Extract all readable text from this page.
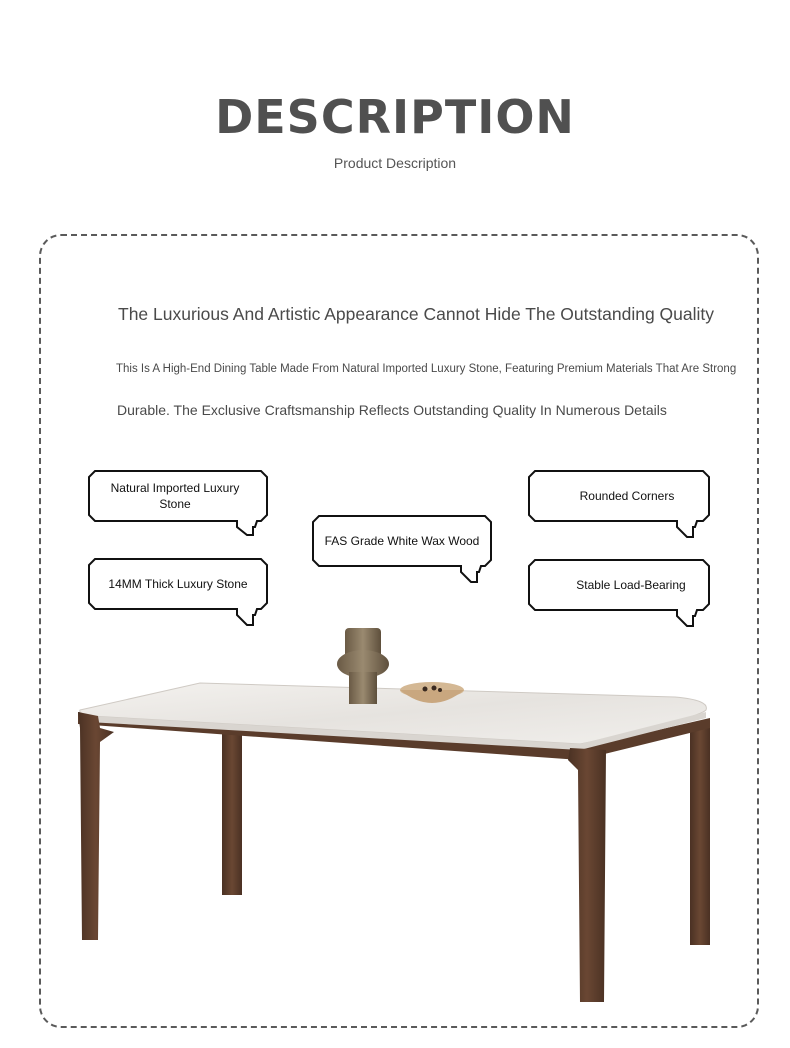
DESCRIPTION

Product Description

The Luxurious And Artistic Appearance Cannot Hide The Outstanding Quality

This Is A High-End Dining Table Made From Natural Imported Luxury Stone, Featuring Premium Materials That Are Strong

Durable. The Exclusive Craftsmanship Reflects Outstanding Quality In Numerous Details

Natural Imported Luxury Stone
14MM Thick Luxury Stone
FAS Grade White Wax Wood
Rounded Corners
Stable Load-Bearing
